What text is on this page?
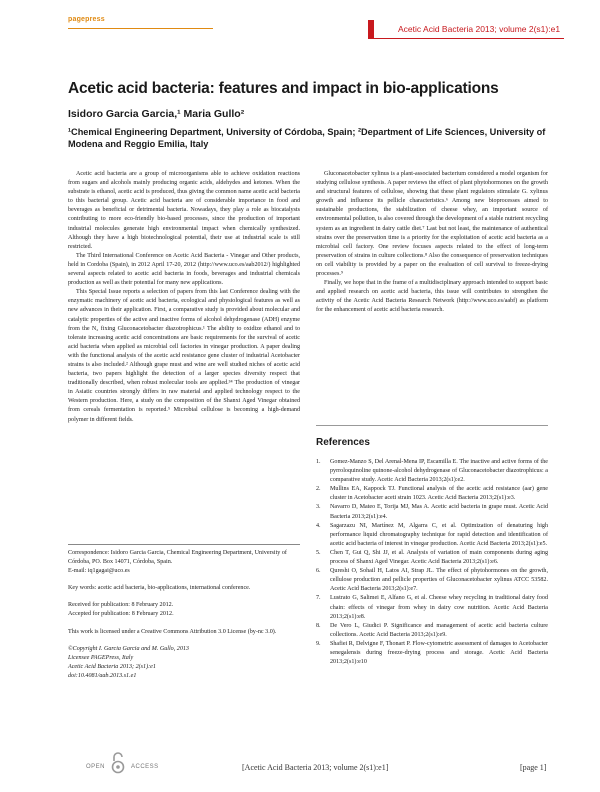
pagepress
Acetic Acid Bacteria 2013; volume 2(s1):e1
Acetic acid bacteria: features and impact in bio-applications
Isidoro Garcia Garcia,¹ Maria Gullo²
¹Chemical Engineering Department, University of Córdoba, Spain; ²Department of Life Sciences, University of Modena and Reggio Emilia, Italy

Acetic acid bacteria are a group of microorganisms able to achieve oxidation reactions from sugars and alcohols mainly producing organic acids, aldehydes and ketones. When the substrate is ethanol, acetic acid is produced, thus giving the common name acetic acid bacteria to this bacterial group. Acetic acid bacteria are of considerable importance in food and beverages as beneficial or detrimental bacteria. Nowadays, they play a role as biocatalysts contributing to more eco-friendly bio-based processes, since the production of important industrial molecules generate high environmental impact when chemically synthesized. Although they have a high biotechnological potential, their use at industrial scale is still restricted.

The Third International Conference on Acetic Acid Bacteria - Vinegar and Other products, held in Cordoba (Spain), in 2012 April 17-20, 2012 (http://www.uco.es/aab2012/) highlighted several aspects related to acetic acid bacteria in foods, beverages and industrial chemicals production as well as their potential for many new applications.

This Special Issue reports a selection of papers from this last Conference dealing with the enzymatic machinery of acetic acid bacteria, ecological and physiological features as well as new advances in their application. First, a comparative study is provided about molecular and catalytic properties of the active and inactive forms of alcohol dehydrogenase (ADH) enzyme from the N₂ fixing Gluconacetobacter diazotrophicus.¹ The ability to oxidize ethanol and to tolerate increasing acetic acid concentrations are basic requirements for the survival of acetic acid bacteria when applied as microbial cell factories in vinegar production. A paper dealing with the functional analysis of the acetic acid resistance gene cluster of industrial Acetobacter strains is also included.² Although grape must and wine are well studied niches of acetic acid bacteria, two papers highlight the detection of a larger species diversity respect that traditionally described, when robust molecular tools are applied.³⁴ The production of vinegar in Asiatic countries strongly differs in raw material and applied technology respect to the Western production. Here, a study on the composition of the Shanxi Aged Vinegar obtained from cereals fermentation is reported.⁵ Microbial cellulose is becoming a high-demand polymer in different fields.

Correspondence: Isidoro Garcia Garcia, Chemical Engineering Department, University of Córdoba, PO. Box 14071, Córdoba, Spain.
E-mail: iq1gagai@uco.es

Key words: acetic acid bacteria, bio-applications, international conference.

Received for publication: 8 February 2012.
Accepted for publication: 8 February 2012.

This work is licensed under a Creative Commons Attribution 3.0 License (by-nc 3.0).

©Copyright I. Garcia Garcia and M. Gullo, 2013
Licensee PAGEPress, Italy
Acetic Acid Bacteria 2013; 2(s1):e1
doi:10.4081/aab.2013.s1.e1

Gluconacetobacter xylinus is a plant-associated bacterium considered a model organism for studying cellulose synthesis. A paper reviews the effect of plant phytohormones on the growth and structural features of cellulose, showing that these plant regulators stimulate G. xylinus growth and influence its pellicle characteristics.⁶ Among new bioprocesses aimed to sustainable productions, the stabilization of cheese whey, an important source of environmental pollution, is also covered through the development of a stable nutrient recycling system as an ingredient in dairy cattle diet.⁷ Last but not least, the maintenance of authentical strains over the preservation time is a priority for the exploitation of acetic acid bacteria as a microbial cell factory. One review focuses aspects related to the effect of long-term preservation of strains in culture collections.⁸ Also the consequence of preservation techniques on cell viability is provided by a paper on the evaluation of cell survival to freeze-drying processes.⁹

Finally, we hope that in the frame of a multidisciplinary approach intended to support basic and applied research on acetic acid bacteria, this issue will contributes to strengthen the activity of the Acetic Acid Bacteria Research Network (http://www.uco.es/aabf) as platform for the enhancement of acetic acid bacteria research.

References
1.	Gomez-Manzo S, Del Arenal-Mena IP, Escamilla E. The inactive and active forms of the pyrroloquinoline quinone-alcohol dehydrogenase of Gluconacetobacter diazotrophicus: a comparative study. Acetic Acid Bacteria 2013;2(s1):e2.
2.	Mullins EA, Kappock TJ. Functional analysis of the acetic acid resistance (aar) gene cluster in Acetobacter aceti strain 1023. Acetic Acid Bacteria 2013;2(s1):e3.
3.	Navarro D, Mateo E, Torija MJ, Mas A. Acetic acid bacteria in grape must. Acetic Acid Bacteria 2013;2(s1):e4.
4.	Sagarzazu NI, Martínez M, Algarra C, et al. Optimization of denaturing high performance liquid chromatography technique for rapid detection and identification of acetic acid bacteria of interest in vinegar production. Acetic Acid Bacteria 2013;2(s1):e5.
5.	Chen T, Gui Q, Shi JJ, et al. Analysis of variation of main components during aging process of Shanxi Aged Vinegar. Acetic Acid Bacteria 2013;2(s1):e6.
6.	Qureshi O, Sohail H, Latos AI, Strap JL. The effect of phytohormones on the growth, cellulose production and pellicle properties of Gluconacetobacter xylinus ATCC 53582. Acetic Acid Bacteria 2013;2(s1):e7.
7.	Lustrato G, Salimei E, Alfano G, et al. Cheese whey recycling in traditional dairy food chain: effects of vinegar from whey in dairy cow nutrition. Acetic Acid Bacteria 2013;2(s1):e8.
8.	De Vero L, Giudici P. Significance and management of acetic acid bacteria culture collections. Acetic Acid Bacteria 2013;2(s1):e9.
9.	Shafiei R, Delvigne F, Thonart P. Flow-cytometric assessment of damages to Acetobacter senegalensis during freeze-drying process and storage. Acetic Acid Bacteria 2013;2(s1):e10
OPEN	ACCESS	[Acetic Acid Bacteria 2013; volume 2(s1):e1]	[page 1]
